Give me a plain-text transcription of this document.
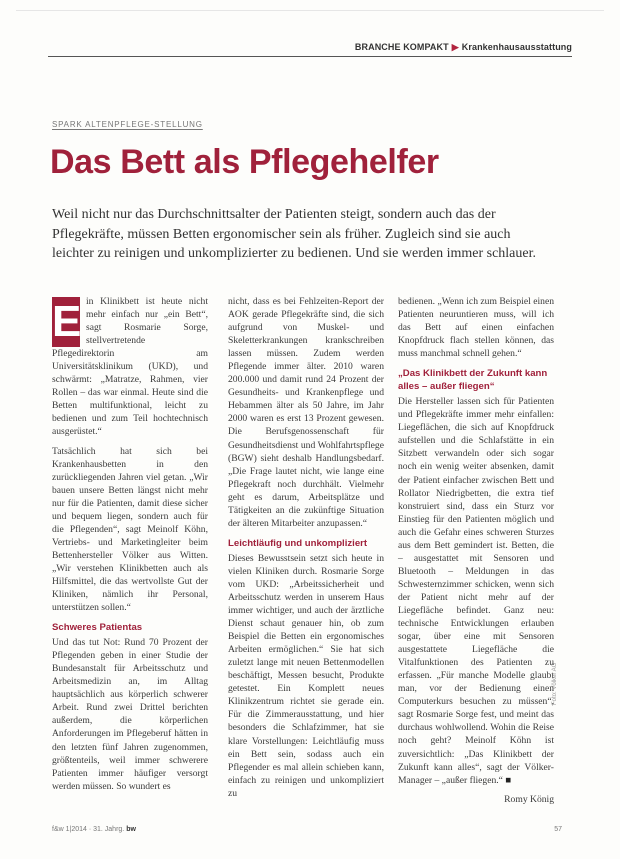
BRANCHE KOMPAKT ▶ Krankenhausausstattung
SPARK ALTENPFLEGE-STELLUNG
Das Bett als Pflegehelfer

Weil nicht nur das Durchschnittsalter der Patienten steigt, sondern auch das der Pflegekräfte, müssen Betten ergonomischer sein als früher. Zugleich sind sie auch leichter zu reinigen und unkomplizierter zu bedienen. Und sie werden immer schlauer.

E in Klinikbett ist heute nicht mehr einfach nur „ein Bett“, sagt Rosmarie Sorge, stellvertretende Pflegedirektorin am Universitätsklinikum (UKD), und schwärmt: „Matratze, Rahmen, vier Rollen – das war einmal. Heute sind die Betten multifunktional, leicht zu bedienen und zum Teil hochtechnisch ausgerüstet.“

Tatsächlich hat sich bei Krankenhausbetten in den zurückliegenden Jahren viel getan. „Wir bauen unsere Betten längst nicht mehr nur für die Patienten, damit diese sicher und bequem liegen, sondern auch für die Pflegenden“, sagt Meinolf Köhn, Vertriebs- und Marketingleiter beim Bettenhersteller Völker aus Witten. „Wir verstehen Klinikbetten auch als Hilfsmittel, die das wertvollste Gut der Kliniken, nämlich ihr Personal, unterstützen sollen.“

Schweres Patientas

Und das tut Not: Rund 70 Prozent der Pflegenden geben in einer Studie der Bundesanstalt für Arbeitsschutz und Arbeitsmedizin an, im Alltag hauptsächlich aus körperlich schwerer Arbeit. Rund zwei Drittel berichten außerdem, die körperlichen Anforderungen im Pflegeberuf hätten in den letzten fünf Jahren zugenommen, größtenteils, weil immer schwerere Patienten immer häufiger versorgt werden müssen. So wundert es

nicht, dass es bei Fehlzeiten-Report der AOK gerade Pflegekräfte sind, die sich aufgrund von Muskel- und Skeletterkrankungen krankschreiben lassen müssen. Zudem werden Pflegende immer älter. 2010 waren 200.000 und damit rund 24 Prozent der Gesundheits- und Krankenpflege und Hebammen älter als 50 Jahre, im Jahr 2000 waren es erst 13 Prozent gewesen. Die Berufsgenossenschaft für Gesundheitsdienst und Wohlfahrtspflege (BGW) sieht deshalb Handlungsbedarf. „Die Frage lautet nicht, wie lange eine Pflegekraft noch durchhält. Vielmehr geht es darum, Arbeitsplätze und Tätigkeiten an die zukünftige Situation der älteren Mitarbeiter anzupassen.“

Leichtläufig und unkompliziert

Dieses Bewusstsein setzt sich heute in vielen Kliniken durch. Rosmarie Sorge vom UKD: „Arbeitssicherheit und Arbeitsschutz werden in unserem Haus immer wichtiger, und auch der ärztliche Dienst schaut genauer hin, ob zum Beispiel die Betten ein ergonomisches Arbeiten ermöglichen.“ Sie hat sich zuletzt lange mit neuen Bettenmodellen beschäftigt, Messen besucht, Produkte getestet. Ein Komplett neues Klinikzentrum richtet sie gerade ein. Für die Zimmerausstattung, und hier besonders die Schlafzimmer, hat sie klare Vorstellungen: Leichtläufig muss ein Bett sein, sodass auch ein Pflegender es mal allein schieben kann, einfach zu reinigen und unkompliziert zu

bedienen. „Wenn ich zum Beispiel einen Patienten neuruntieren muss, will ich das Bett auf einen einfachen Knopfdruck flach stellen können, das muss manchmal schnell gehen.“

„Das Klinikbett der Zukunft kann alles – außer fliegen“

Die Hersteller lassen sich für Patienten und Pflegekräfte immer mehr einfallen: Liegeflächen, die sich auf Knopfdruck aufstellen und die Schlafstätte in ein Sitzbett verwandeln oder sich sogar noch ein wenig weiter absenken, damit der Patient einfacher zwischen Bett und Rollator Niedrigbetten, die extra tief konstruiert sind, dass ein Sturz vor Einstieg für den Patienten möglich und auch die Gefahr eines schweren Sturzes aus dem Bett gemindert ist. Betten, die – ausgestattet mit Sensoren und Bluetooth – Meldungen in das Schwesternzimmer schicken, wenn sich der Patient nicht mehr auf der Liegefläche befindet. Ganz neu: technische Entwicklungen erlauben sogar, über eine mit Sensoren ausgestattete Liegefläche die Vitalfunktionen des Patienten zu erfassen. „Für manche Modelle glaubt man, vor der Bedienung einen Computerkurs besuchen zu müssen“, sagt Rosmarie Sorge fest, und meint das durchaus wohlwollend. Wohin die Reise noch geht? Meinolf Köhn ist zuversichtlich: „Das Klinikbett der Zukunft kann alles“, sagt der Völker-Manager – „außer fliegen.“ ■

Romy König

Foto: Völker AG
f&w 1|2014 · 31. Jahrg. bw	57
